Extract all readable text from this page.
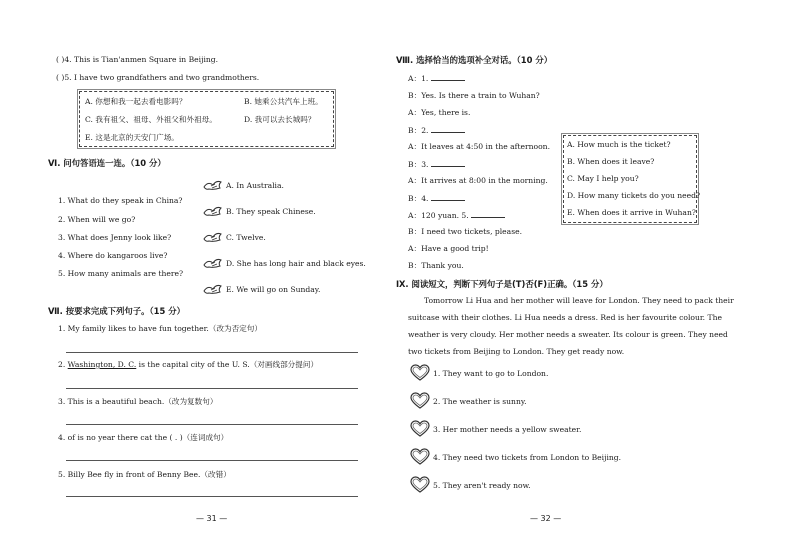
( )4. This is Tian'anmen Square in Beijing.
( )5. I have two grandfathers and two grandmothers.
A. 你想和我一起去看电影吗？	B. 她乘公共汽车上班。
C. 我有祖父、祖母、外祖父和外祖母。	D. 我可以去长城吗？
E. 这是北京的天安门广场。
Ⅵ. 问句答语连一连。（10 分）
1. What do they speak in China?
2. When will we go?
3. What does Jenny look like?
4. Where do kangaroos live?
5. How many animals are there?
A. In Australia.
B. They speak Chinese.
C. Twelve.
D. She has long hair and black eyes.
E. We will go on Sunday.
Ⅶ. 按要求完成下列句子。（15 分）
1. My family likes to have fun together.（改为否定句）
2. Washington, D. C. is the capital city of the U. S.（对画线部分提问）
3. This is a beautiful beach.（改为复数句）
4. of is no year there cat the ( . )（连词成句）
5. Billy Bee fly in front of Benny Bee.（改错）
— 31 —
Ⅷ. 选择恰当的选项补全对话。（10 分）
A：1.
B：Yes. Is there a train to Wuhan?
A：Yes, there is.
B：2.
A：It leaves at 4:50 in the afternoon.
B：3.
A：It arrives at 8:00 in the morning.
B：4.
A：120 yuan. 5.
B：I need two tickets, please.
A：Have a good trip!
B：Thank you.
A. How much is the ticket?
B. When does it leave?
C. May I help you?
D. How many tickets do you need?
E. When does it arrive in Wuhan?
Ⅸ. 阅读短文，判断下列句子是(T)否(F)正确。（15 分）
Tomorrow Li Hua and her mother will leave for London. They need to pack their
suitcase with their clothes. Li Hua needs a dress. Red is her favourite colour. The
weather is very cloudy. Her mother needs a sweater. Its colour is green. They need
two tickets from Beijing to London. They get ready now.
1. They want to go to London.
2. The weather is sunny.
3. Her mother needs a yellow sweater.
4. They need two tickets from London to Beijing.
5. They aren't ready now.
— 32 —
